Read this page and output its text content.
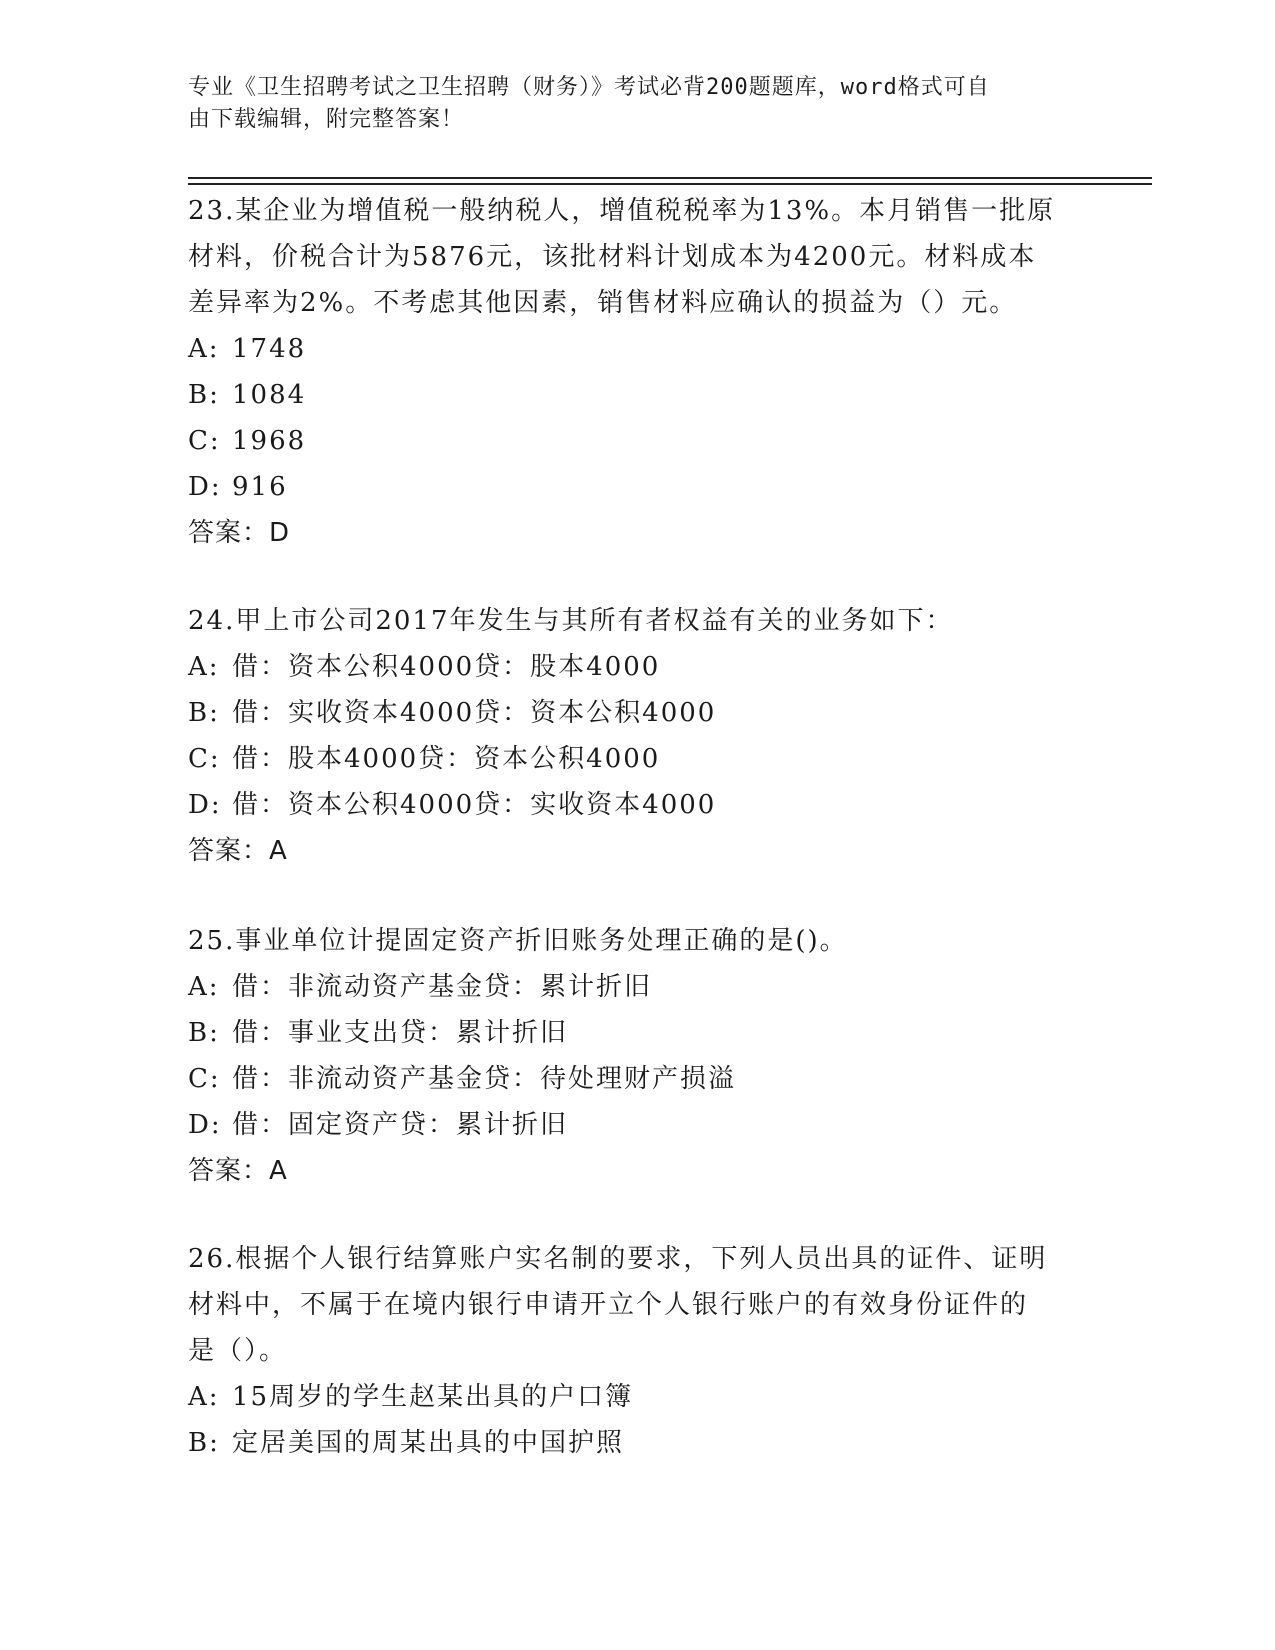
专业《卫生招聘考试之卫生招聘（财务）》考试必背200题题库，word格式可自
由下载编辑，附完整答案！
23.某企业为增值税一般纳税人，增值税税率为13%。本月销售一批原
材料，价税合计为5876元，该批材料计划成本为4200元。材料成本
差异率为2%。不考虑其他因素，销售材料应确认的损益为（）元。
A: 1748
B: 1084
C: 1968
D: 916
答案：D
24.甲上市公司2017年发生与其所有者权益有关的业务如下：
A: 借：资本公积4000贷：股本4000
B: 借：实收资本4000贷：资本公积4000
C: 借：股本4000贷：资本公积4000
D: 借：资本公积4000贷：实收资本4000
答案：A
25.事业单位计提固定资产折旧账务处理正确的是()。
A: 借：非流动资产基金贷：累计折旧
B: 借：事业支出贷：累计折旧
C: 借：非流动资产基金贷：待处理财产损溢
D: 借：固定资产贷：累计折旧
答案：A
26.根据个人银行结算账户实名制的要求，下列人员出具的证件、证明
材料中，不属于在境内银行申请开立个人银行账户的有效身份证件的
是（）。
A: 15周岁的学生赵某出具的户口簿
B: 定居美国的周某出具的中国护照
